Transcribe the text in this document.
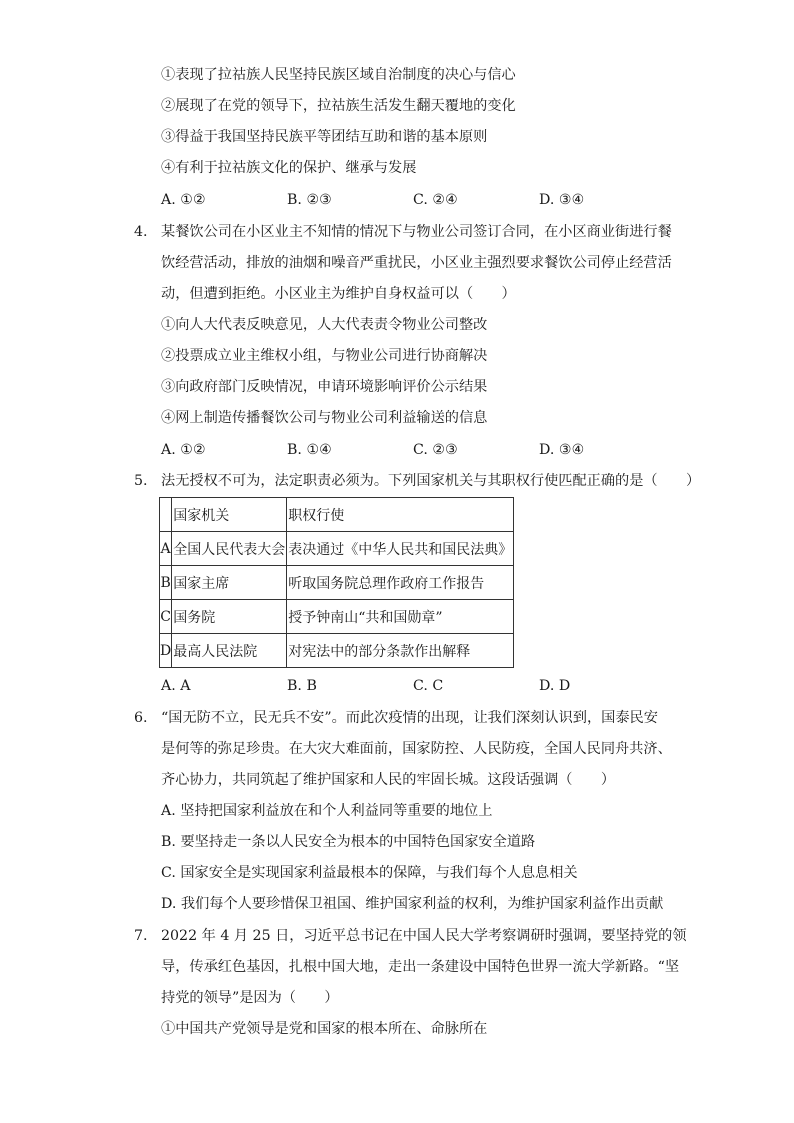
①表现了拉祜族人民坚持民族区域自治制度的决心与信心
②展现了在党的领导下，拉祜族生活发生翻天覆地的变化
③得益于我国坚持民族平等团结互助和谐的基本原则
④有利于拉祜族文化的保护、继承与发展
A. ①②	B. ②③	C. ②④	D. ③④
4. 某餐饮公司在小区业主不知情的情况下与物业公司签订合同，在小区商业街进行餐
饮经营活动，排放的油烟和噪音严重扰民，小区业主强烈要求餐饮公司停止经营活
动，但遭到拒绝。小区业主为维护自身权益可以（　　）
①向人大代表反映意见，人大代表责令物业公司整改
②投票成立业主维权小组，与物业公司进行协商解决
③向政府部门反映情况，申请环境影响评价公示结果
④网上制造传播餐饮公司与物业公司利益输送的信息
A. ①②	B. ①④	C. ②③	D. ③④
5. 法无授权不可为，法定职责必须为。下列国家机关与其职权行使匹配正确的是（　　）
	国家机关	职权行使
A	全国人民代表大会	表决通过《中华人民共和国民法典》
B	国家主席	听取国务院总理作政府工作报告
C	国务院	授予钟南山“共和国勋章”
D	最高人民法院	对宪法中的部分条款作出解释
A. A	B. B	C. C	D. D
6. “国无防不立，民无兵不安”。而此次疫情的出现，让我们深刻认识到，国泰民安
是何等的弥足珍贵。在大灾大难面前，国家防控、人民防疫，全国人民同舟共济、
齐心协力，共同筑起了维护国家和人民的牢固长城。这段话强调（　　）
A. 坚持把国家利益放在和个人利益同等重要的地位上
B. 要坚持走一条以人民安全为根本的中国特色国家安全道路
C. 国家安全是实现国家利益最根本的保障，与我们每个人息息相关
D. 我们每个人要珍惜保卫祖国、维护国家利益的权利，为维护国家利益作出贡献
7. 2022 年 4 月 25 日，习近平总书记在中国人民大学考察调研时强调，要坚持党的领
导，传承红色基因，扎根中国大地，走出一条建设中国特色世界一流大学新路。“坚
持党的领导”是因为（　　）
①中国共产党领导是党和国家的根本所在、命脉所在
